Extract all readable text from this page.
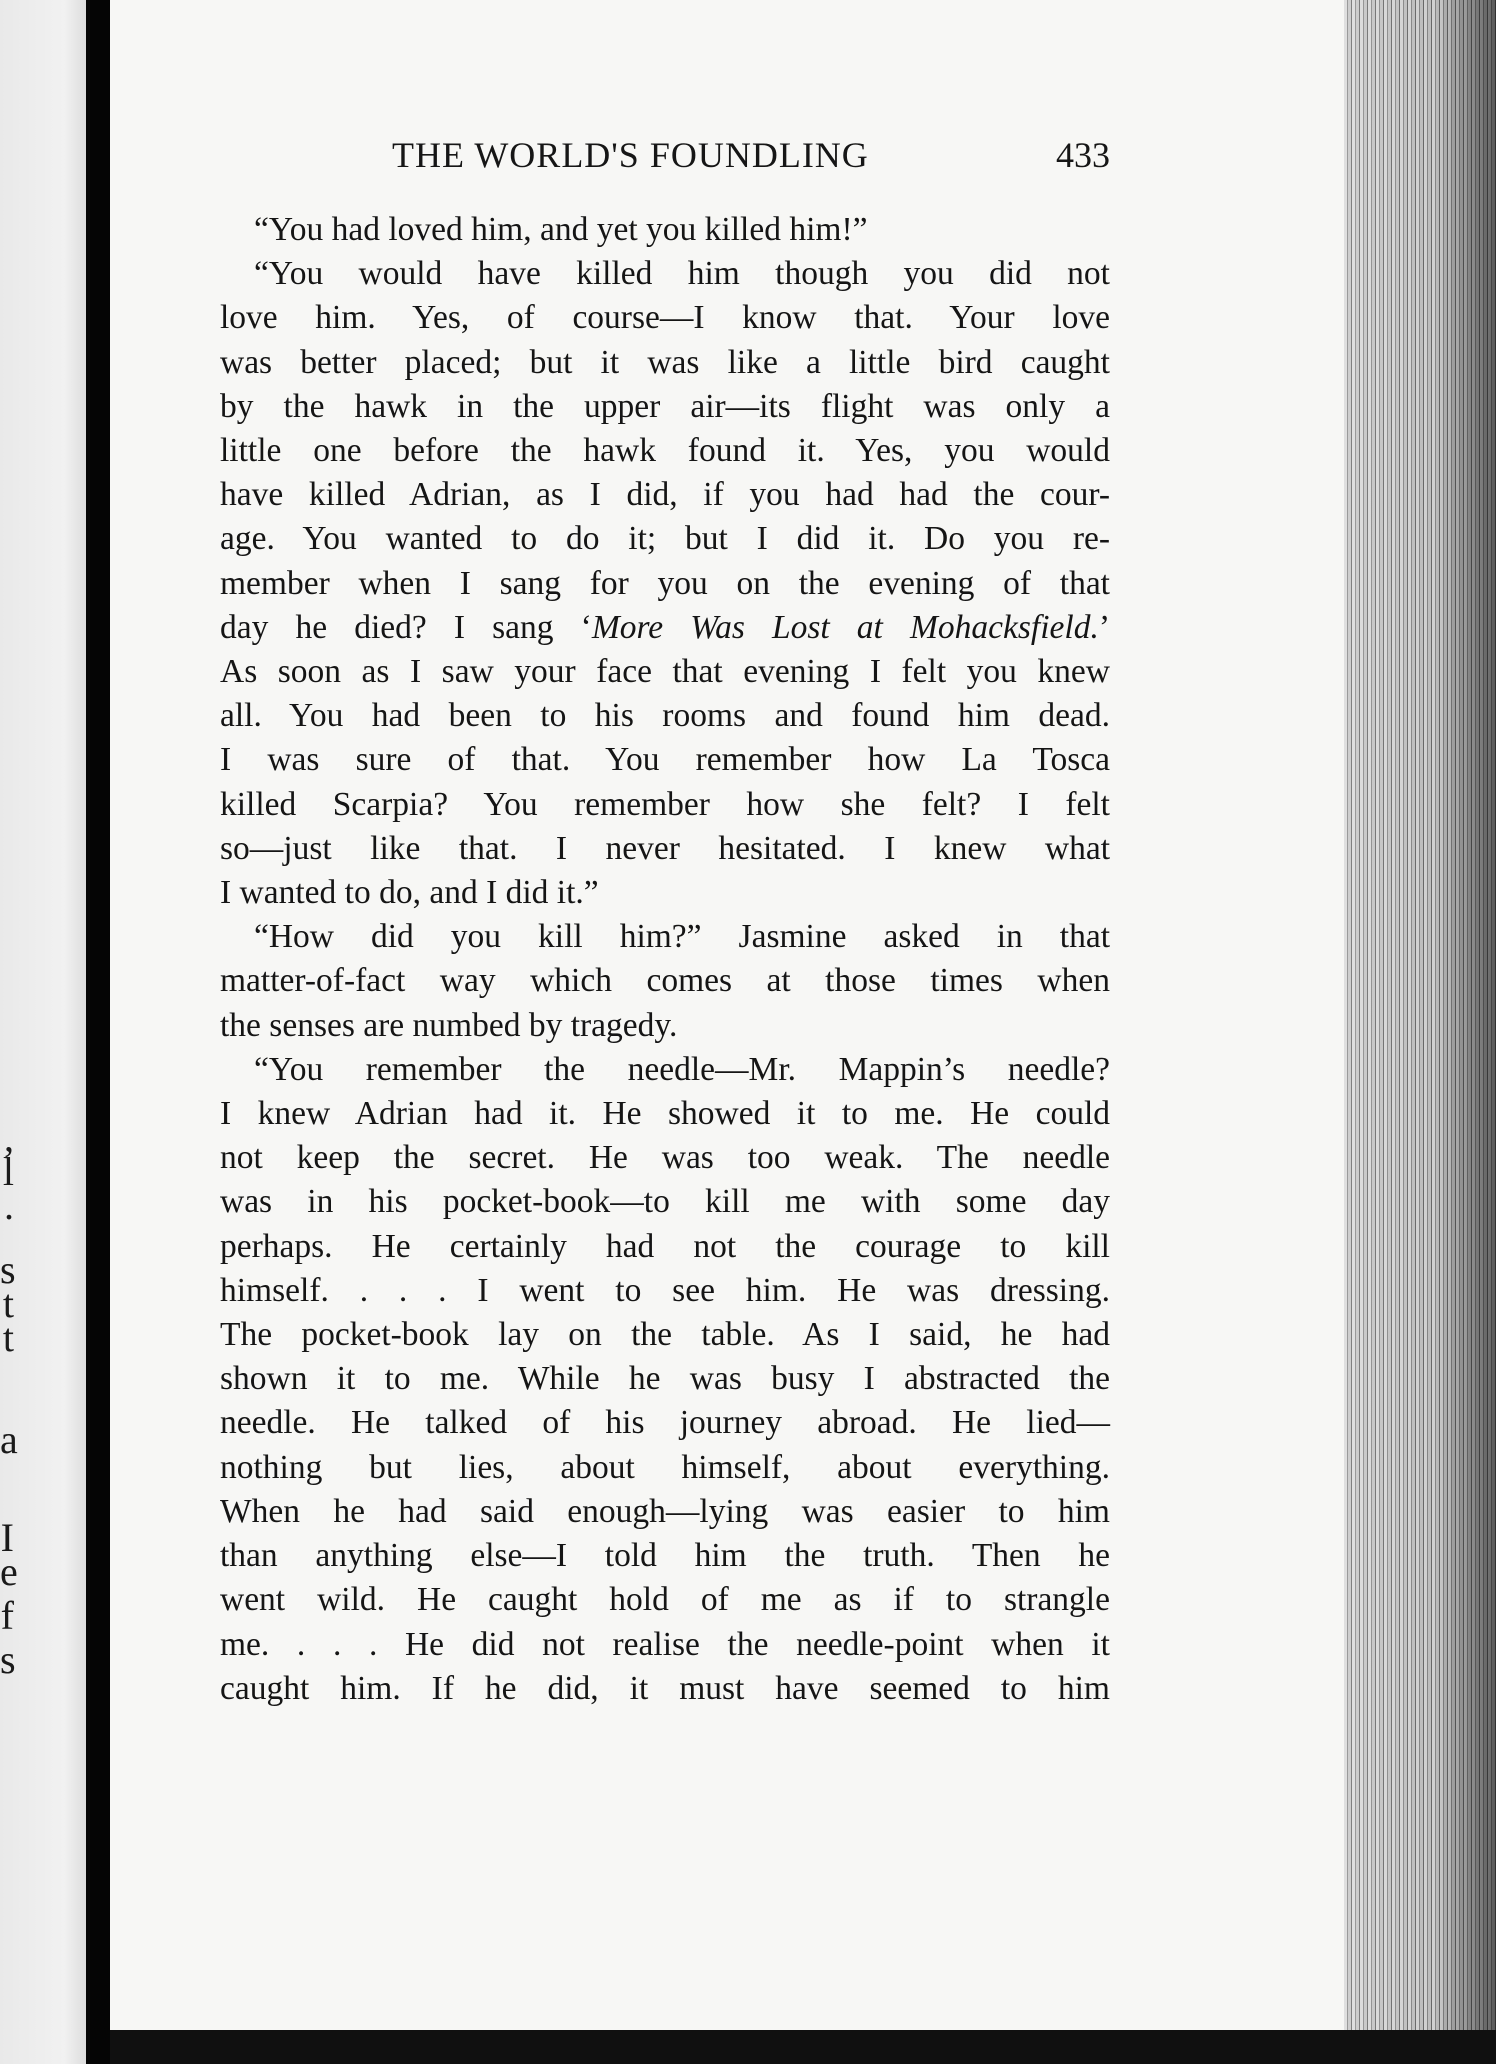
,
l
.
s
t
t
a
I
e
f
s
THE WORLD'S FOUNDLING	433

“You had loved him, and yet you killed him!”

“You would have killed him though you did not
love him. Yes, of course—I know that. Your love
was better placed; but it was like a little bird caught
by the hawk in the upper air—its flight was only a
little one before the hawk found it. Yes, you would
have killed Adrian, as I did, if you had had the cour-
age. You wanted to do it; but I did it. Do you re-
member when I sang for you on the evening of that
day he died? I sang ‘More Was Lost at Mohacksfield.’
As soon as I saw your face that evening I felt you knew
all. You had been to his rooms and found him dead.
I was sure of that. You remember how La Tosca
killed Scarpia? You remember how she felt? I felt
so—just like that. I never hesitated. I knew what
I wanted to do, and I did it.”

“How did you kill him?” Jasmine asked in that
matter-of-fact way which comes at those times when
the senses are numbed by tragedy.

“You remember the needle—Mr. Mappin’s needle?
I knew Adrian had it. He showed it to me. He could
not keep the secret. He was too weak. The needle
was in his pocket-book—to kill me with some day
perhaps. He certainly had not the courage to kill
himself. . . . I went to see him. He was dressing.
The pocket-book lay on the table. As I said, he had
shown it to me. While he was busy I abstracted the
needle. He talked of his journey abroad. He lied—
nothing but lies, about himself, about everything.
When he had said enough—lying was easier to him
than anything else—I told him the truth. Then he
went wild. He caught hold of me as if to strangle
me. . . . He did not realise the needle-point when it
caught him. If he did, it must have seemed to him
